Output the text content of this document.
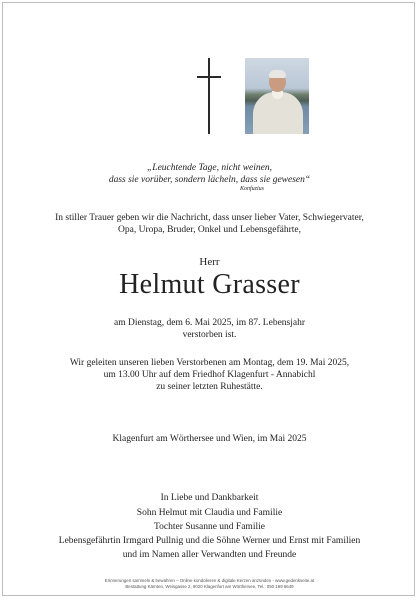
„Leuchtende Tage, nicht weinen,
dass sie vorüber, sondern lächeln, dass sie gewesen“
Konfuzius
In stiller Trauer geben wir die Nachricht, dass unser lieber Vater, Schwiegervater,
Opa, Uropa, Bruder, Onkel und Lebensgefährte,
Herr
Helmut Grasser
am Dienstag, dem 6. Mai 2025, im 87. Lebensjahr
verstorben ist.
Wir geleiten unseren lieben Verstorbenen am Montag, dem 19. Mai 2025,
um 13.00 Uhr auf dem Friedhof Klagenfurt - Annabichl
zu seiner letzten Ruhestätte.
Klagenfurt am Wörthersee und Wien, im Mai 2025
In Liebe und Dankbarkeit
Sohn Helmut mit Claudia und Familie
Tochter Susanne und Familie
Lebensgefährtin Irmgard Pullnig und die Söhne Werner und Ernst mit Familien
und im Namen aller Verwandten und Freunde
Erinnerungen sammeln & bewahren – Online kondolieren & digitale Kerzen anzünden - www.gedenkseite.at
Bestattung Kärnten, Weisgasse 2, 9020 Klagenfurt am Wörthersee, Tel.: 050 199 6649
